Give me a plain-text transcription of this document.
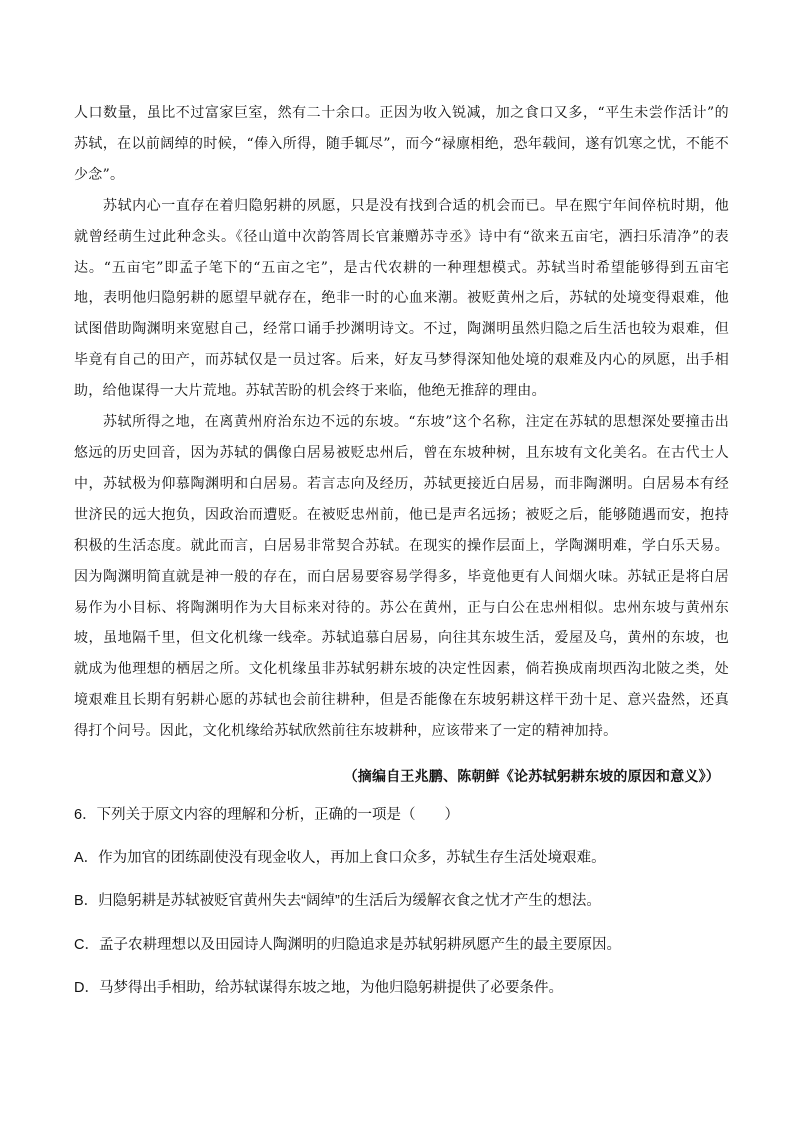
人口数量，虽比不过富家巨室，然有二十余口。正因为收入锐减，加之食口又多，“平生未尝作活计”的苏轼，在以前阔绰的时候，“俸入所得，随手辄尽”，而今“禄廪相绝，恐年载间，遂有饥寒之忧，不能不少念”。

苏轼内心一直存在着归隐躬耕的夙愿，只是没有找到合适的机会而已。早在熙宁年间倅杭时期，他就曾经萌生过此种念头。《径山道中次韵答周长官兼赠苏寺丞》诗中有“欲来五亩宅，洒扫乐清净”的表达。“五亩宅”即孟子笔下的“五亩之宅”，是古代农耕的一种理想模式。苏轼当时希望能够得到五亩宅地，表明他归隐躬耕的愿望早就存在，绝非一时的心血来潮。被贬黄州之后，苏轼的处境变得艰难，他试图借助陶渊明来宽慰自己，经常口诵手抄渊明诗文。不过，陶渊明虽然归隐之后生活也较为艰难，但毕竟有自己的田产，而苏轼仅是一员过客。后来，好友马梦得深知他处境的艰难及内心的夙愿，出手相助，给他谋得一大片荒地。苏轼苦盼的机会终于来临，他绝无推辞的理由。

苏轼所得之地，在离黄州府治东边不远的东坡。“东坡”这个名称，注定在苏轼的思想深处要撞击出悠远的历史回音，因为苏轼的偶像白居易被贬忠州后，曾在东坡种树，且东坡有文化美名。在古代士人中，苏轼极为仰慕陶渊明和白居易。若言志向及经历，苏轼更接近白居易，而非陶渊明。白居易本有经世济民的远大抱负，因政治而遭贬。在被贬忠州前，他已是声名远扬；被贬之后，能够随遇而安，抱持积极的生活态度。就此而言，白居易非常契合苏轼。在现实的操作层面上，学陶渊明难，学白乐天易。因为陶渊明简直就是神一般的存在，而白居易要容易学得多，毕竟他更有人间烟火味。苏轼正是将白居易作为小目标、将陶渊明作为大目标来对待的。苏公在黄州，正与白公在忠州相似。忠州东坡与黄州东坡，虽地隔千里，但文化机缘一线牵。苏轼追慕白居易，向往其东坡生活，爱屋及乌，黄州的东坡，也就成为他理想的栖居之所。文化机缘虽非苏轼躬耕东坡的决定性因素，倘若换成南坝西沟北陂之类，处境艰难且长期有躬耕心愿的苏轼也会前往耕种，但是否能像在东坡躬耕这样干劲十足、意兴盎然，还真得打个问号。因此，文化机缘给苏轼欣然前往东坡耕种，应该带来了一定的精神加持。

（摘编自王兆鹏、陈朝鲜《论苏轼躬耕东坡的原因和意义》）
6．下列关于原文内容的理解和分析，正确的一项是（　　）
A．作为加官的团练副使没有现金收人，再加上食口众多，苏轼生存生活处境艰难。
B．归隐躬耕是苏轼被贬官黄州失去“阔绰”的生活后为缓解衣食之忧才产生的想法。
C．孟子农耕理想以及田园诗人陶渊明的归隐追求是苏轼躬耕夙愿产生的最主要原因。
D．马梦得出手相助，给苏轼谋得东坡之地，为他归隐躬耕提供了必要条件。
